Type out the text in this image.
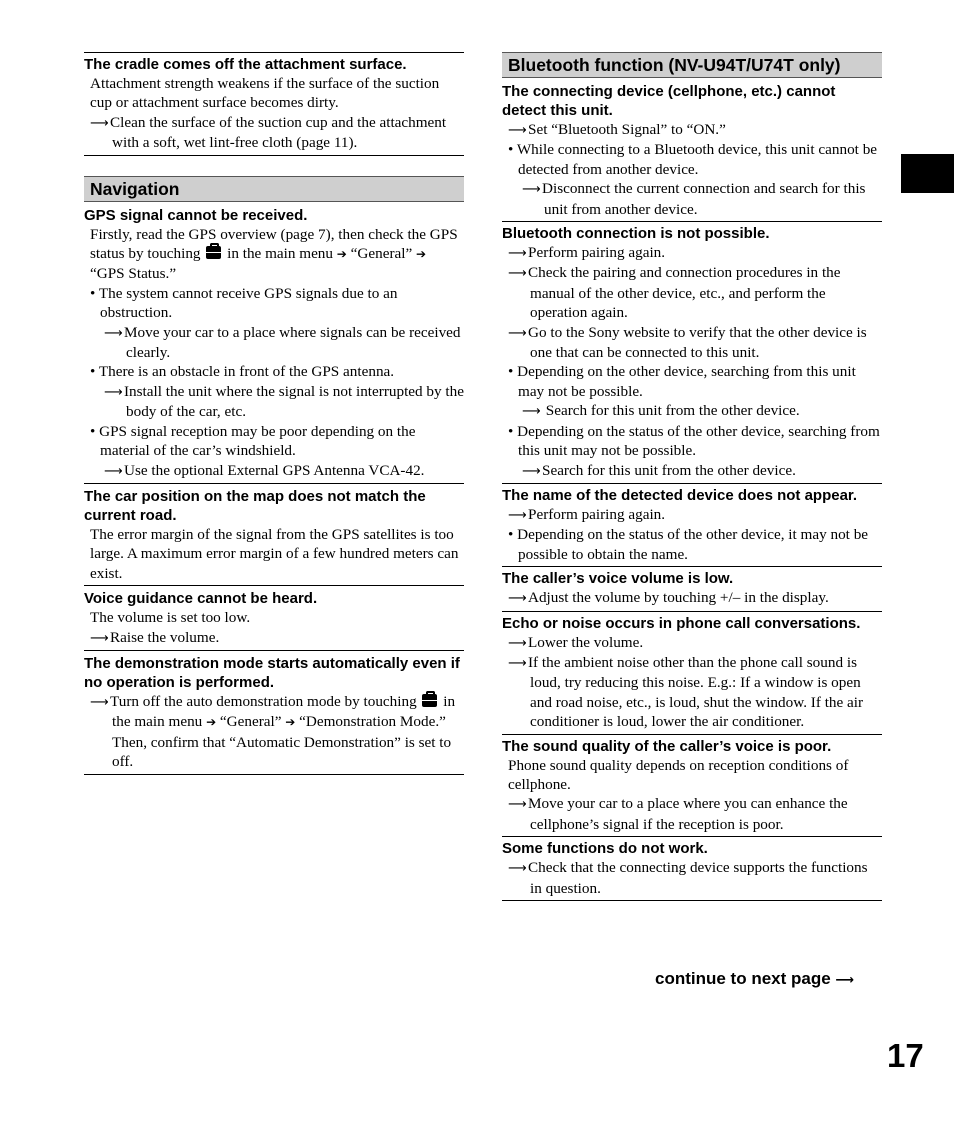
The cradle comes off the attachment surface.
Attachment strength weakens if the surface of the suction cup or attachment surface becomes dirty.
⟶Clean the surface of the suction cup and the attachment with a soft, wet lint-free cloth (page 11).
Navigation
GPS signal cannot be received.
Firstly, read the GPS overview (page 7), then check the GPS status by touching in the main menu ➔ “General” ➔ “GPS Status.”
• The system cannot receive GPS signals due to an obstruction.
⟶Move your car to a place where signals can be received clearly.
• There is an obstacle in front of the GPS antenna.
⟶Install the unit where the signal is not interrupted by the body of the car, etc.
• GPS signal reception may be poor depending on the material of the car’s windshield.
⟶Use the optional External GPS Antenna VCA-42.
The car position on the map does not match the current road.
The error margin of the signal from the GPS satellites is too large. A maximum error margin of a few hundred meters can exist.
Voice guidance cannot be heard.
The volume is set too low.
⟶Raise the volume.
The demonstration mode starts automatically even if no operation is performed.
⟶Turn off the auto demonstration mode by touching in the main menu ➔ “General” ➔ “Demonstration Mode.” Then, confirm that “Automatic Demonstration” is set to off.
Bluetooth function (NV-U94T/U74T only)
The connecting device (cellphone, etc.) cannot detect this unit.
⟶Set “Bluetooth Signal” to “ON.”
• While connecting to a Bluetooth device, this unit cannot be detected from another device.
⟶Disconnect the current connection and search for this unit from another device.
Bluetooth connection is not possible.
⟶Perform pairing again.
⟶Check the pairing and connection procedures in the manual of the other device, etc., and perform the operation again.
⟶Go to the Sony website to verify that the other device is one that can be connected to this unit.
• Depending on the other device, searching from this unit may not be possible.
⟶ Search for this unit from the other device.
• Depending on the status of the other device, searching from this unit may not be possible.
⟶Search for this unit from the other device.
The name of the detected device does not appear.
⟶Perform pairing again.
• Depending on the status of the other device, it may not be possible to obtain the name.
The caller’s voice volume is low.
⟶Adjust the volume by touching +/– in the display.
Echo or noise occurs in phone call conversations.
⟶Lower the volume.
⟶If the ambient noise other than the phone call sound is loud, try reducing this noise. E.g.: If a window is open and road noise, etc., is loud, shut the window. If the air conditioner is loud, lower the air conditioner.
The sound quality of the caller’s voice is poor.
Phone sound quality depends on reception conditions of cellphone.
⟶Move your car to a place where you can enhance the cellphone’s signal if the reception is poor.
Some functions do not work.
⟶Check that the connecting device supports the functions in question.
continue to next page ⟶
17
